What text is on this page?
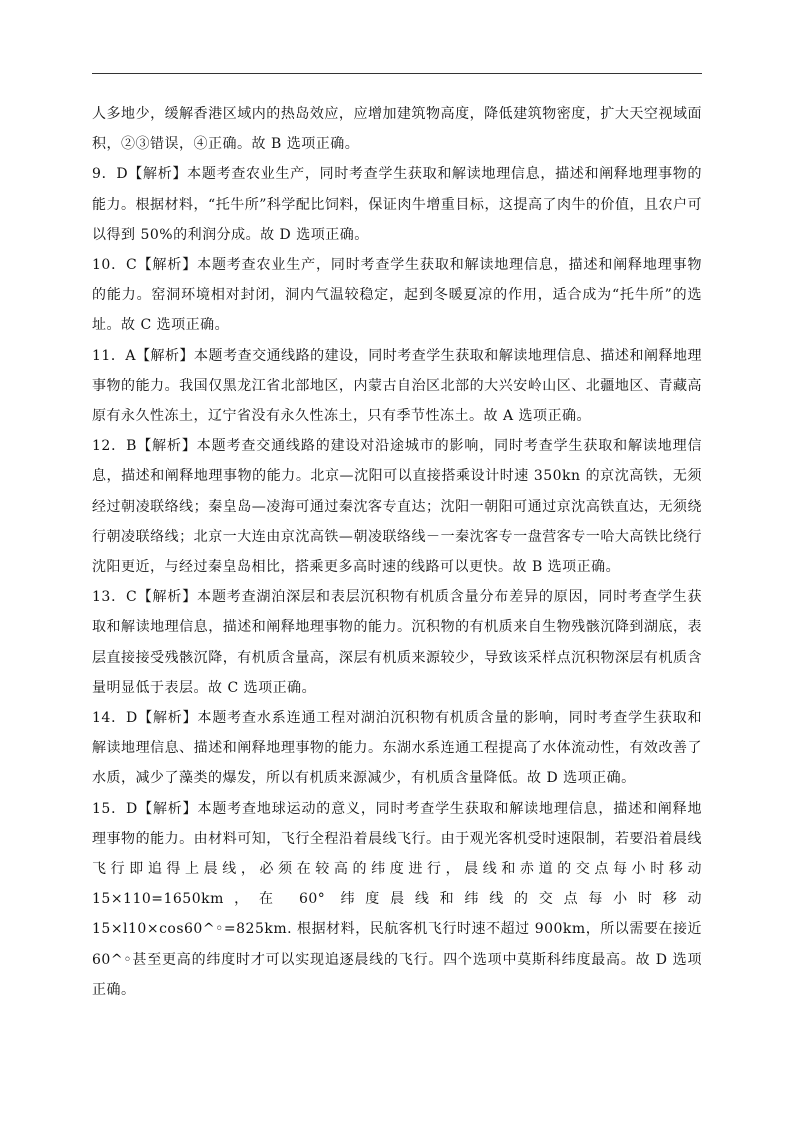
人多地少，缓解香港区域内的热岛效应，应增加建筑物高度，降低建筑物密度，扩大天空视域面积，②③错误，④正确。故 B 选项正确。

9．D【解析】本题考查农业生产，同时考查学生获取和解读地理信息，描述和阐释地理事物的能力。根据材料，“托牛所”科学配比饲料，保证肉牛增重目标，这提高了肉牛的价值，且农户可以得到 50%的利润分成。故 D 选项正确。

10．C【解析】本题考查农业生产，同时考查学生获取和解读地理信息，描述和阐释地理事物的能力。窑洞环境相对封闭，洞内气温较稳定，起到冬暖夏凉的作用，适合成为“托牛所”的选址。故 C 选项正确。

11．A【解析】本题考查交通线路的建设，同时考查学生获取和解读地理信息、描述和阐释地理事物的能力。我国仅黑龙江省北部地区，内蒙古自治区北部的大兴安岭山区、北疆地区、青藏高原有永久性冻土，辽宁省没有永久性冻土，只有季节性冻土。故 A 选项正确。

12．B【解析】本题考查交通线路的建设对沿途城市的影响，同时考查学生获取和解读地理信息，描述和阐释地理事物的能力。北京—沈阳可以直接搭乘设计时速 350kn 的京沈高铁，无须经过朝凌联络线；秦皇岛—凌海可通过秦沈客专直达；沈阳一朝阳可通过京沈高铁直达，无须绕行朝凌联络线；北京一大连由京沈高铁—朝凌联络线－一秦沈客专一盘营客专一哈大高铁比绕行沈阳更近，与经过秦皇岛相比，搭乘更多高时速的线路可以更快。故 B 选项正确。

13．C【解析】本题考查湖泊深层和表层沉积物有机质含量分布差异的原因，同时考查学生获取和解读地理信息，描述和阐释地理事物的能力。沉积物的有机质来自生物残骸沉降到湖底，表层直接接受残骸沉降，有机质含量高，深层有机质来源较少，导致该采样点沉积物深层有机质含量明显低于表层。故 C 选项正确。

14．D【解析】本题考查水系连通工程对湖泊沉积物有机质含量的影响，同时考查学生获取和解读地理信息、描述和阐释地理事物的能力。东湖水系连通工程提高了水体流动性，有效改善了水质，减少了藻类的爆发，所以有机质来源减少，有机质含量降低。故 D 选项正确。

15．D【解析】本题考查地球运动的意义，同时考查学生获取和解读地理信息，描述和阐释地理事物的能力。由材料可知，飞行全程沿着晨线飞行。由于观光客机受时速限制，若要沿着晨线飞行即追得上晨线，必须在较高的纬度进行，晨线和赤道的交点每小时移动 15×110=1650km，在 60° 纬度晨线和纬线的交点每小时移动 15×l10×cos60^◦=825km. 根据材料，民航客机飞行时速不超过 900km，所以需要在接近 60^◦甚至更高的纬度时才可以实现追逐晨线的飞行。四个选项中莫斯科纬度最高。故 D 选项正确。
